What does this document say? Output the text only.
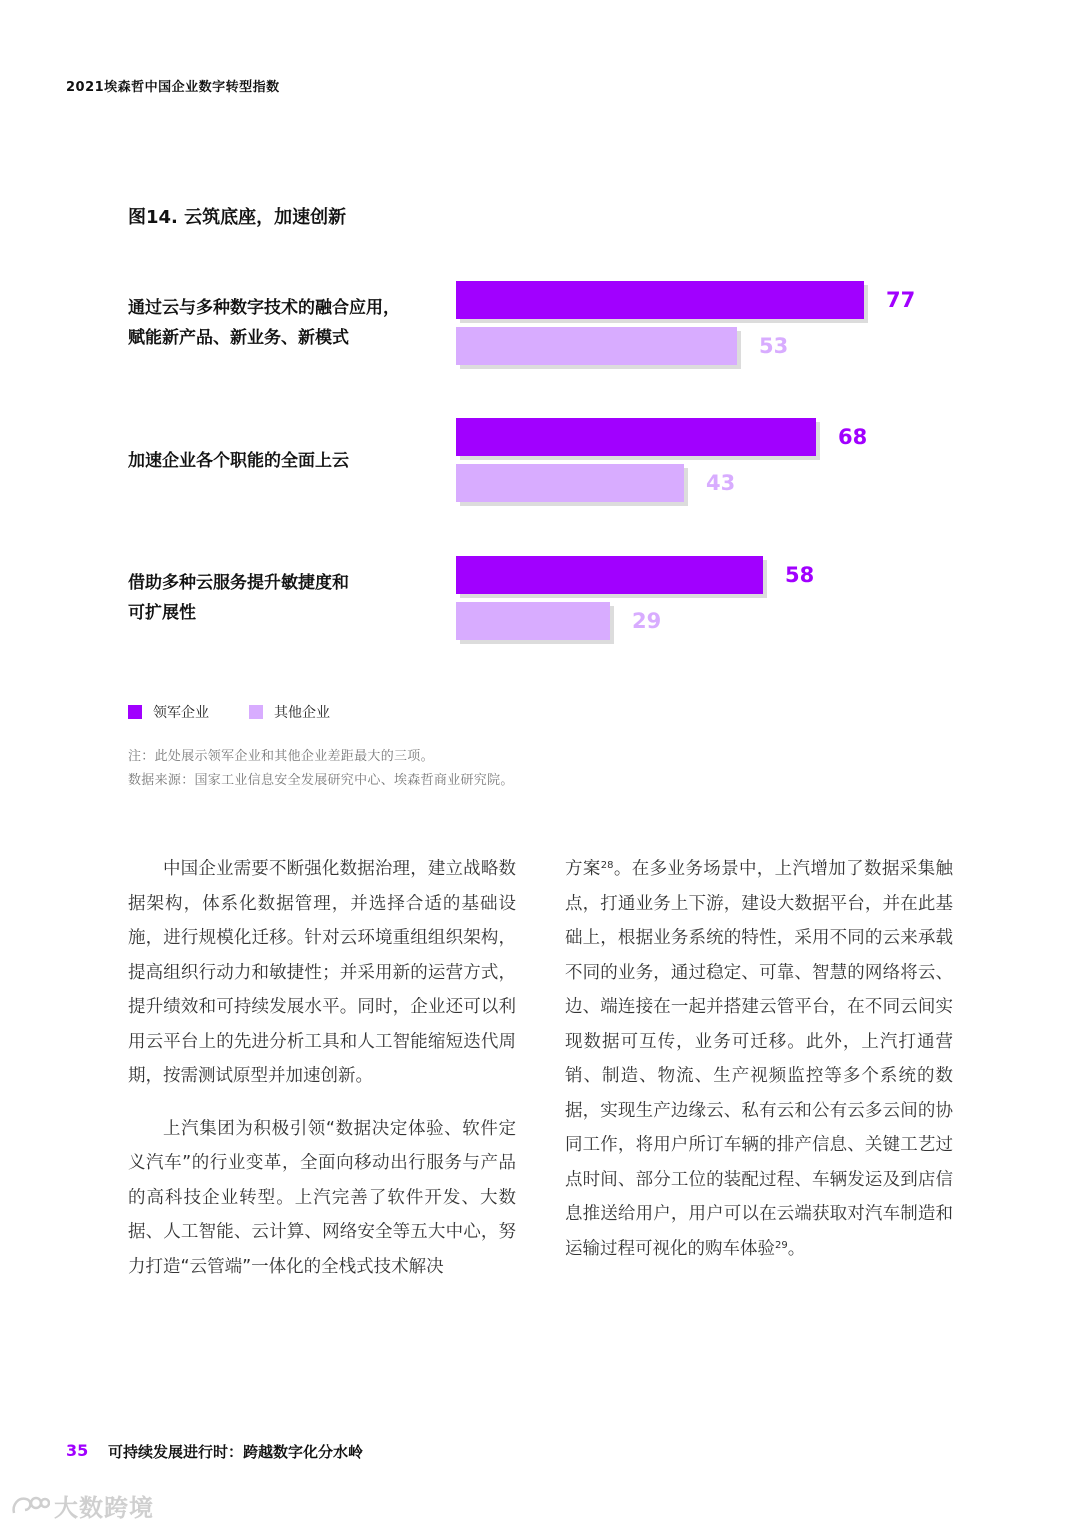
2021埃森哲中国企业数字转型指数
图14. 云筑底座，加速创新
通过云与多种数字技术的融合应用，
赋能新产品、新业务、新模式
加速企业各个职能的全面上云
借助多种云服务提升敏捷度和
可扩展性
77
53
68
43
58
29
领军企业	其他企业
注：此处展示领军企业和其他企业差距最大的三项。
数据来源：国家工业信息安全发展研究中心、埃森哲商业研究院。

中国企业需要不断强化数据治理，建立战略数据架构，体系化数据管理，并选择合适的基础设施，进行规模化迁移。针对云环境重组组织架构，提高组织行动力和敏捷性；并采用新的运营方式，提升绩效和可持续发展水平。同时，企业还可以利用云平台上的先进分析工具和人工智能缩短迭代周期，按需测试原型并加速创新。

上汽集团为积极引领“数据决定体验、软件定义汽车”的行业变革，全面向移动出行服务与产品的高科技企业转型。上汽完善了软件开发、大数据、人工智能、云计算、网络安全等五大中心，努力打造“云管端”一体化的全栈式技术解决

方案$^{28}$。在多业务场景中，上汽增加了数据采集触点，打通业务上下游，建设大数据平台，并在此基础上，根据业务系统的特性，采用不同的云来承载不同的业务，通过稳定、可靠、智慧的网络将云、边、端连接在一起并搭建云管平台，在不同云间实现数据可互传，业务可迁移。此外，上汽打通营销、制造、物流、生产视频监控等多个系统的数据，实现生产边缘云、私有云和公有云多云间的协同工作，将用户所订车辆的排产信息、关键工艺过点时间、部分工位的装配过程、车辆发运及到店信息推送给用户，用户可以在云端获取对汽车制造和运输过程可视化的购车体验$^{29}$。

35 可持续发展进行时：跨越数字化分水岭
大数跨境
